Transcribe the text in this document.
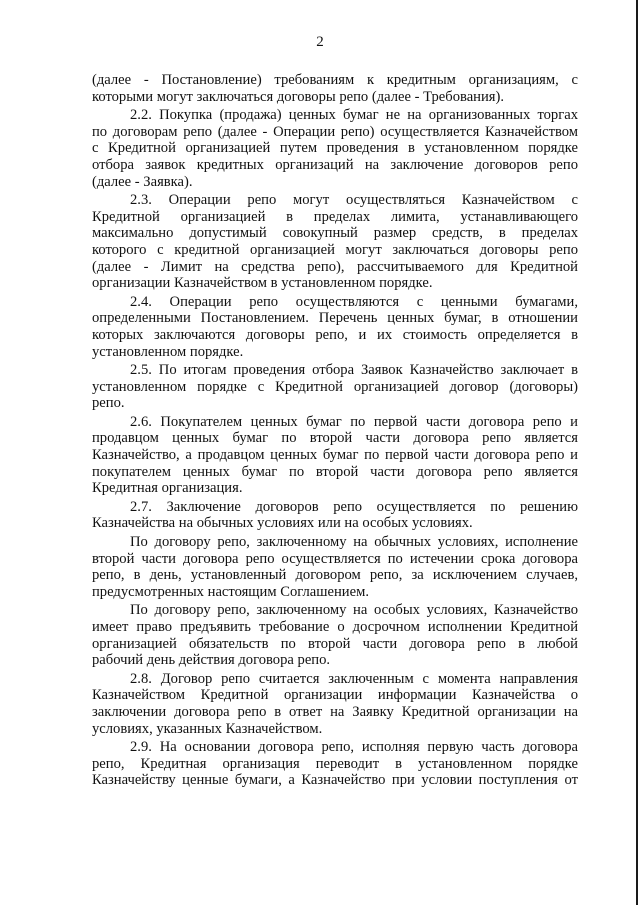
2

(далее - Постановление) требованиям к кредитным организациям, с
которыми могут заключаться договоры репо (далее - Требования).

2.2. Покупка (продажа) ценных бумаг не на организованных торгах
по договорам репо (далее - Операции репо) осуществляется Казначейством
с Кредитной организацией путем проведения в установленном порядке
отбора заявок кредитных организаций на заключение договоров репо
(далее - Заявка).

2.3. Операции репо могут осуществляться Казначейством с
Кредитной организацией в пределах лимита, устанавливающего
максимально допустимый совокупный размер средств, в пределах
которого с кредитной организацией могут заключаться договоры репо
(далее - Лимит на средства репо), рассчитываемого для Кредитной
организации Казначейством в установленном порядке.

2.4. Операции репо осуществляются с ценными бумагами,
определенными Постановлением. Перечень ценных бумаг, в отношении
которых заключаются договоры репо, и их стоимость определяется в
установленном порядке.

2.5. По итогам проведения отбора Заявок Казначейство заключает в
установленном порядке с Кредитной организацией договор (договоры)
репо.

2.6. Покупателем ценных бумаг по первой части договора репо и
продавцом ценных бумаг по второй части договора репо является
Казначейство, а продавцом ценных бумаг по первой части договора репо и
покупателем ценных бумаг по второй части договора репо является
Кредитная организация.

2.7. Заключение договоров репо осуществляется по решению
Казначейства на обычных условиях или на особых условиях.

По договору репо, заключенному на обычных условиях, исполнение
второй части договора репо осуществляется по истечении срока договора
репо, в день, установленный договором репо, за исключением случаев,
предусмотренных настоящим Соглашением.

По договору репо, заключенному на особых условиях, Казначейство
имеет право предъявить требование о досрочном исполнении Кредитной
организацией обязательств по второй части договора репо в любой
рабочий день действия договора репо.

2.8. Договор репо считается заключенным с момента направления
Казначейством Кредитной организации информации Казначейства о
заключении договора репо в ответ на Заявку Кредитной организации на
условиях, указанных Казначейством.

2.9. На основании договора репо, исполняя первую часть договора
репо, Кредитная организация переводит в установленном порядке
Казначейству ценные бумаги, а Казначейство при условии поступления от
